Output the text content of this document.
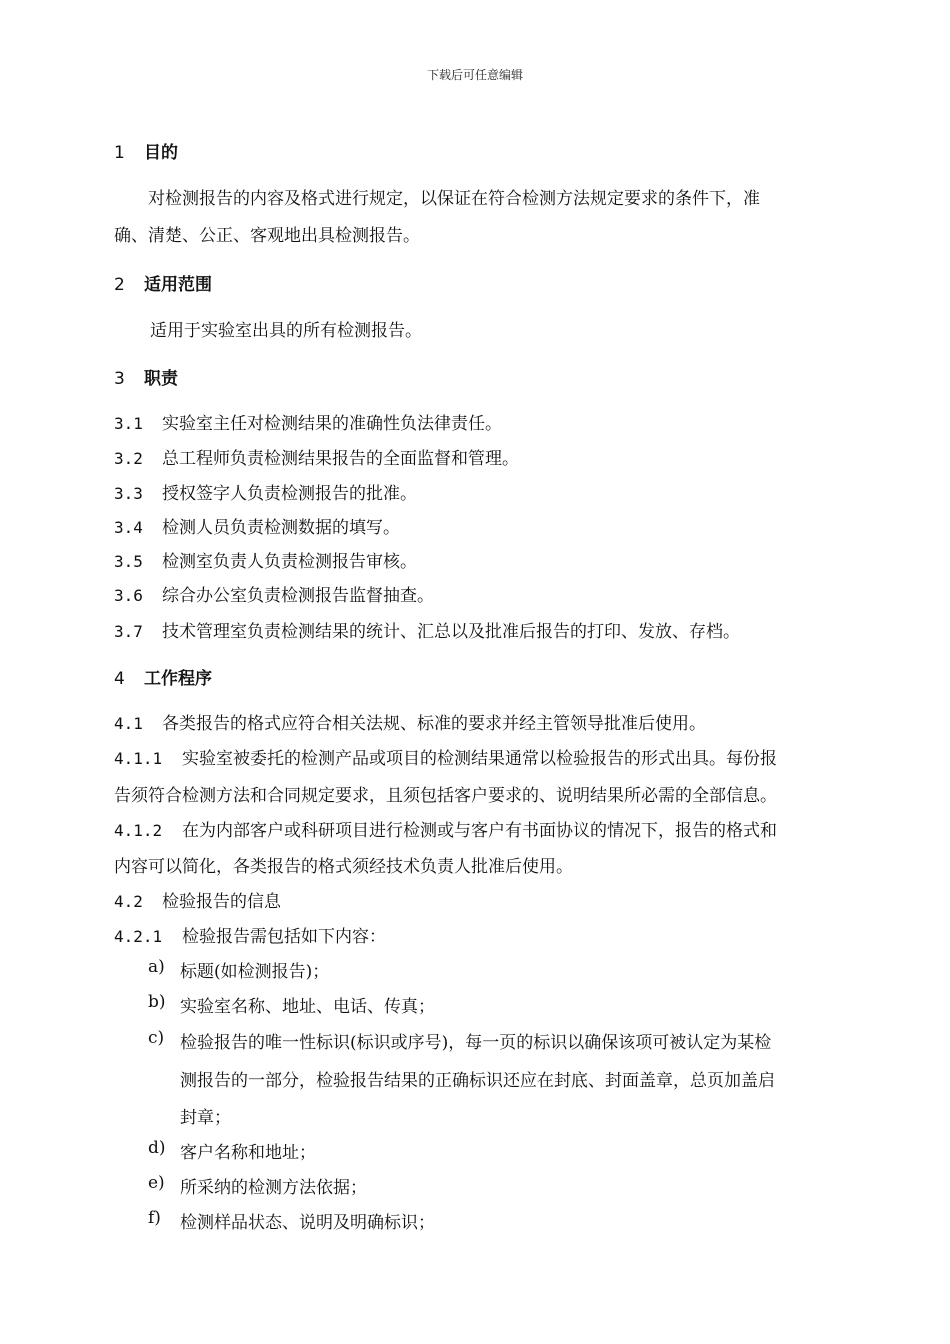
下载后可任意编辑
1 目的
对检测报告的内容及格式进行规定，以保证在符合检测方法规定要求的条件下，准
确、清楚、公正、客观地出具检测报告。
2 适用范围
适用于实验室出具的所有检测报告。
3 职责
3.1 实验室主任对检测结果的准确性负法律责任。
3.2 总工程师负责检测结果报告的全面监督和管理。
3.3 授权签字人负责检测报告的批准。
3.4 检测人员负责检测数据的填写。
3.5 检测室负责人负责检测报告审核。
3.6 综合办公室负责检测报告监督抽查。
3.7 技术管理室负责检测结果的统计、汇总以及批准后报告的打印、发放、存档。
4 工作程序
4.1 各类报告的格式应符合相关法规、标准的要求并经主管领导批准后使用。
4.1.1 实验室被委托的检测产品或项目的检测结果通常以检验报告的形式出具。每份报
告须符合检测方法和合同规定要求，且须包括客户要求的、说明结果所必需的全部信息。
4.1.2 在为内部客户或科研项目进行检测或与客户有书面协议的情况下，报告的格式和
内容可以简化，各类报告的格式须经技术负责人批准后使用。
4.2 检验报告的信息
4.2.1 检验报告需包括如下内容：
a) 标题(如检测报告)；
b) 实验室名称、地址、电话、传真；
c) 检验报告的唯一性标识(标识或序号)，每一页的标识以确保该项可被认定为某检
测报告的一部分，检验报告结果的正确标识还应在封底、封面盖章，总页加盖启
封章；
d) 客户名称和地址；
e) 所采纳的检测方法依据；
f) 检测样品状态、说明及明确标识；
